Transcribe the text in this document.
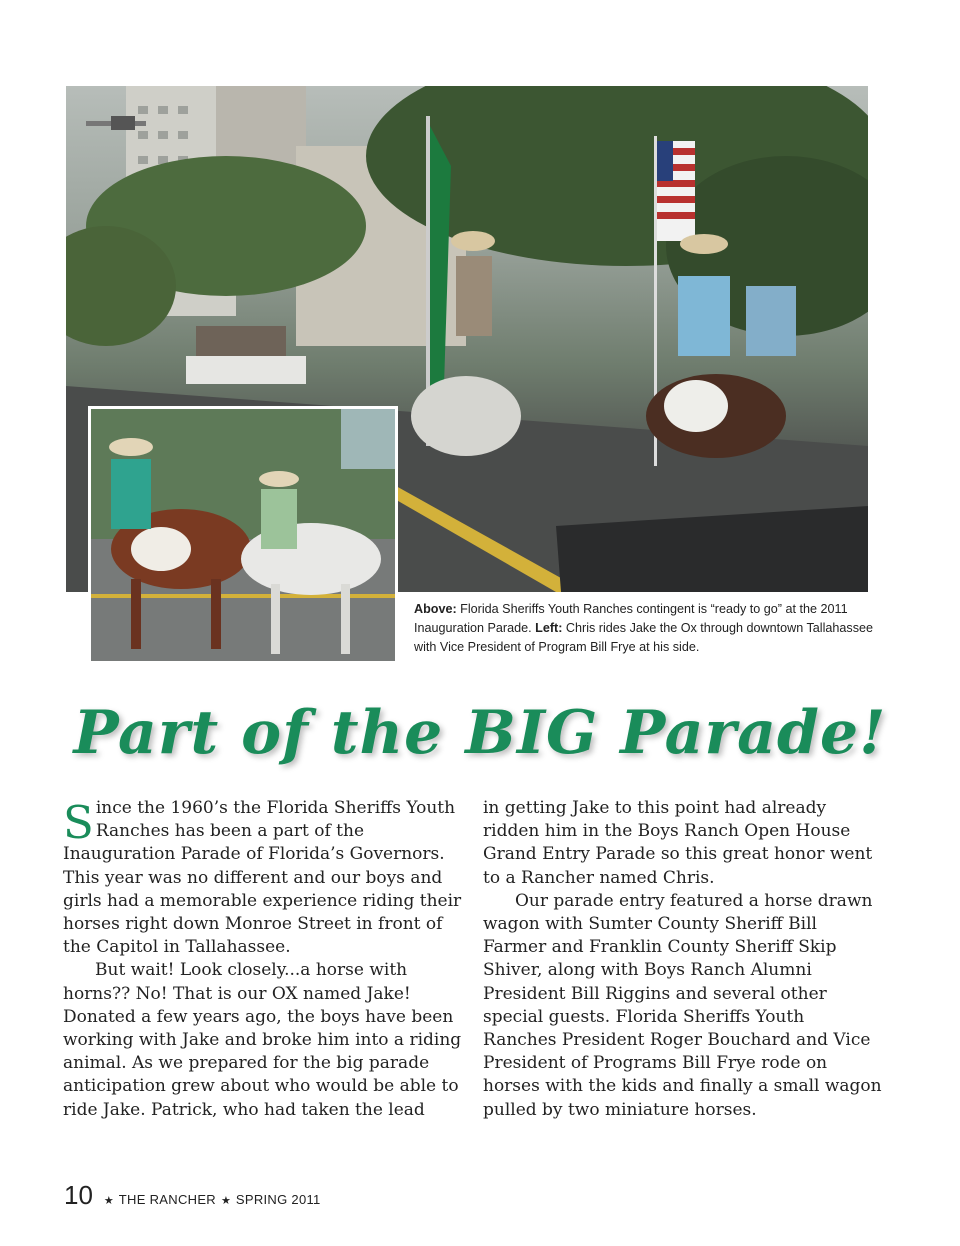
Above: Florida Sheriffs Youth Ranches contingent is “ready to go” at the 2011 Inauguration Parade. Left: Chris rides Jake the Ox through downtown Tallahassee with Vice President of Program Bill Frye at his side.

Part of the BIG Parade!

Since the 1960’s the Florida Sheriffs Youth Ranches has been a part of the Inauguration Parade of Florida’s Governors. This year was no different and our boys and girls had a memorable experience riding their horses right down Monroe Street in front of the Capitol in Tallahassee.

But wait! Look closely...a horse with horns?? No! That is our OX named Jake! Donated a few years ago, the boys have been working with Jake and broke him into a riding animal. As we prepared for the big parade anticipation grew about who would be able to ride Jake. Patrick, who had taken the lead

in getting Jake to this point had already ridden him in the Boys Ranch Open House Grand Entry Parade so this great honor went to a Rancher named Chris.

Our parade entry featured a horse drawn wagon with Sumter County Sheriff Bill Farmer and Franklin County Sheriff Skip Shiver, along with Boys Ranch Alumni President Bill Riggins and several other special guests. Florida Sheriffs Youth Ranches President Roger Bouchard and Vice President of Programs Bill Frye rode on horses with the kids and finally a small wagon pulled by two miniature horses.

10 ★ THE RANCHER ★ SPRING 2011
